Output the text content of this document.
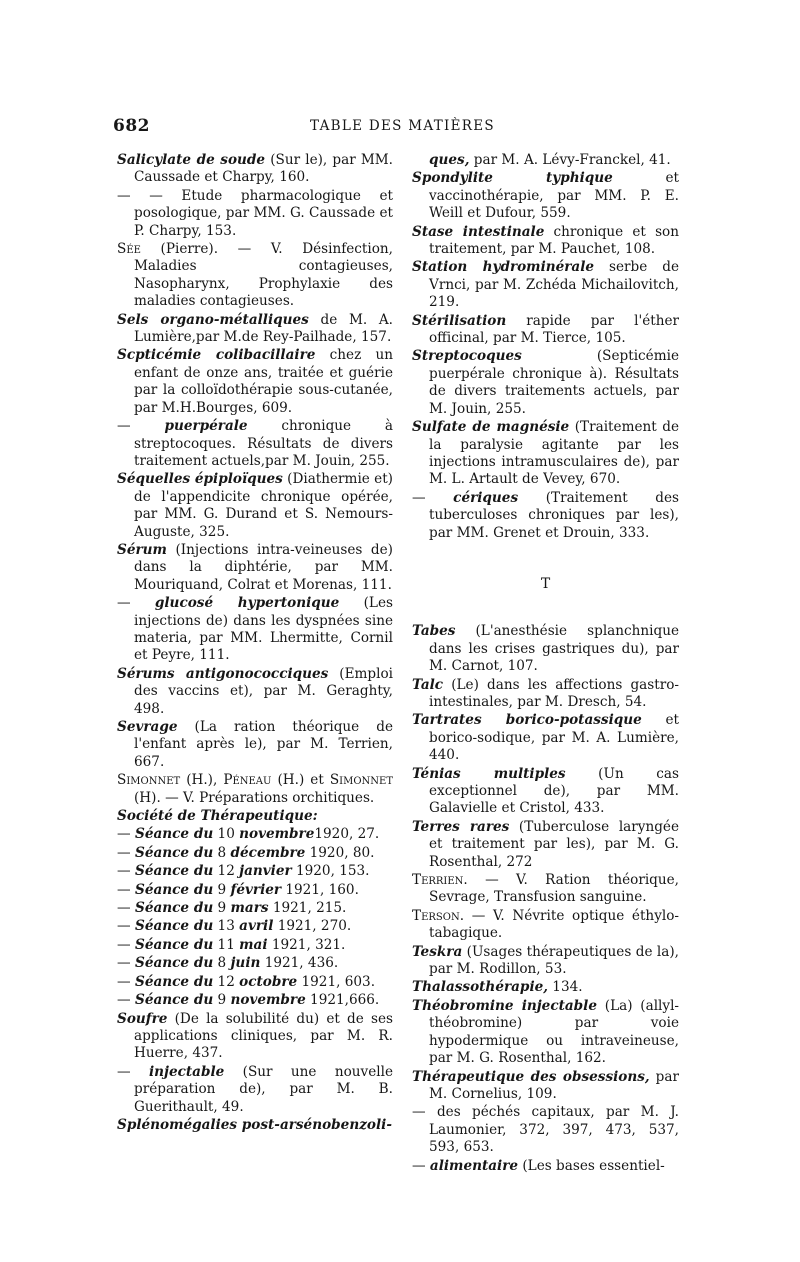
682	TABLE DES MATIÈRES

Salicylate de soude (Sur le), par MM. Caussade et Charpy, 160.

— — Etude pharmacologique et posologique, par MM. G. Caussade et P. Charpy, 153.

Sée (Pierre). — V. Désinfection, Maladies contagieuses, Nasopharynx, Prophylaxie des maladies contagieuses.

Sels organo-métalliques de M. A. Lumière,par M.de Rey-Pailhade, 157.

Scpticémie colibacillaire chez un enfant de onze ans, traitée et guérie par la colloïdothérapie sous-cutanée, par M.H.Bourges, 609.

— puerpérale chronique à streptocoques. Résultats de divers traitement actuels,par M. Jouin, 255.

Séquelles épiploïques (Diathermie et) de l'appendicite chronique opérée, par MM. G. Durand et S. Nemours-Auguste, 325.

Sérum (Injections intra-veineuses de) dans la diphtérie, par MM. Mouriquand, Colrat et Morenas, 111.

— glucosé hypertonique (Les injections de) dans les dyspnées sine materia, par MM. Lhermitte, Cornil et Peyre, 111.

Sérums antigonococciques (Emploi des vaccins et), par M. Geraghty, 498.

Sevrage (La ration théorique de l'enfant après le), par M. Terrien, 667.

Simonnet (H.), Péneau (H.) et Simonnet (H). — V. Préparations orchitiques.

Société de Thérapeutique:

— Séance du 10 novembre1920, 27.

— Séance du 8 décembre 1920, 80.

— Séance du 12 janvier 1920, 153.

— Séance du 9 février 1921, 160.

— Séance du 9 mars 1921, 215.

— Séance du 13 avril 1921, 270.

— Séance du 11 mai 1921, 321.

— Séance du 8 juin 1921, 436.

— Séance du 12 octobre 1921, 603.

— Séance du 9 novembre 1921,666.

Soufre (De la solubilité du) et de ses applications cliniques, par M. R. Huerre, 437.

— injectable (Sur une nouvelle préparation de), par M. B. Guerithault, 49.

Splénomégalies post-arsénobenzoli-

ques, par M. A. Lévy-Franckel, 41.

Spondylite typhique et vaccinothérapie, par MM. P. E. Weill et Dufour, 559.

Stase intestinale chronique et son traitement, par M. Pauchet, 108.

Station hydrominérale serbe de Vrnci, par M. Zchéda Michailovitch, 219.

Stérilisation rapide par l'éther officinal, par M. Tierce, 105.

Streptocoques (Septicémie puerpérale chronique à). Résultats de divers traitements actuels, par M. Jouin, 255.

Sulfate de magnésie (Traitement de la paralysie agitante par les injections intramusculaires de), par M. L. Artault de Vevey, 670.

— cériques (Traitement des tuberculoses chroniques par les), par MM. Grenet et Drouin, 333.

T

Tabes (L'anesthésie splanchnique dans les crises gastriques du), par M. Carnot, 107.

Talc (Le) dans les affections gastro-intestinales, par M. Dresch, 54.

Tartrates borico-potassique et borico-sodique, par M. A. Lumière, 440.

Ténias multiples (Un cas exceptionnel de), par MM. Galavielle et Cristol, 433.

Terres rares (Tuberculose laryngée et traitement par les), par M. G. Rosenthal, 272

Terrien. — V. Ration théorique, Sevrage, Transfusion sanguine.

Terson. — V. Névrite optique éthylo-tabagique.

Teskra (Usages thérapeutiques de la), par M. Rodillon, 53.

Thalassothérapie, 134.

Théobromine injectable (La) (allyl-théobromine) par voie hypodermique ou intraveineuse, par M. G. Rosenthal, 162.

Thérapeutique des obsessions, par M. Cornelius, 109.

— des péchés capitaux, par M. J. Laumonier, 372, 397, 473, 537, 593, 653.

— alimentaire (Les bases essentiel-
